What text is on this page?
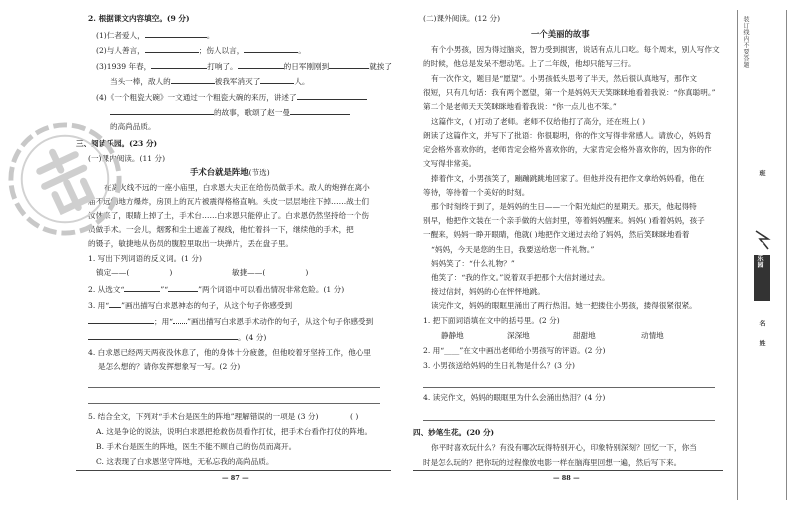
2. 根据课文内容填空。(9 分)
(1)仁者爱人，	。
(2)与人善言，	；伤人以言，	。
(3)1939 年春，	打响了。	的日军刚刚到	就挨了
当头一棒，敌人的	被我军消灭了	人。
(4)《一个粗瓷大碗》一文通过一个粗瓷大碗的来历，讲述了
的故事，歌颂了赵一曼
的高尚品质。
三、阅读乐园。(23 分)
(一)课内阅读。(11 分)
手术台就是阵地(节选)
在离火线不远的一座小庙里，白求恩大夫正在给伤员做手术。敌人的炮弹在离小
庙不远的地方爆炸，房顶上的瓦片被震得格格直响。头皮一层层地往下掉……战士们
汝体来了，眼睛上掉了土，手术台……白求恩只能停止了。白求恩仍然坚持给一个伤
员做手术。一会儿，烟雾和尘土遮盖了视线，他忙着抖一下，继续他的手术，把
的镊子，敏捷地从伤员的腹腔里取出一块弹片，丢在盘子里。
1. 写出下列词语的反义词。(1 分)
镇定——(	)	敏捷——(	)
2. 从选文“	”“	”两个词语中可以看出情况非常危险。(1 分)
3. 用“ ”画出描写白求恩神态的句子，从这个句子你感受到
；用“ ”画出描写白求恩手术动作的句子，从这个句子你感受到
。(4 分)
4. 白求恩已经两天两夜没休息了，他的身体十分疲惫，但他咬着牙坚持工作，他心里
是怎么想的？请你发挥想象写一写。(2 分)
5. 结合全文，下列对“手术台是医生的阵地”理解错误的一项是 (3 分)	( )
A. 这是争论的说法，说明白求恩把抢救伤员看作打仗，把手术台看作打仗的阵地。
B. 手术台是医生的阵地，医生不能不顾自己的伤员而离开。
C. 这表现了白求恩坚守阵地，无私忘我的高尚品质。
— 87 —
(二)课外阅读。(12 分)
一个美丽的故事
有个小男孩，因为得过脑炎，智力受到损害，说话有点儿口吃。每个周末，别人写作文
的时候，他总是发呆不想动笔。上了二年级，他却只能写三行。
有一次作文，题目是“愿望”。小男孩低头思考了半天，然后很认真地写，那作文
很短，只有几句话：我有两个愿望，第一个是妈妈天天笑眯眯地看着我说：“你真聪明。”
第二个是老师天天笑眯眯地看着我说：“你一点儿也不笨。”
这篇作文，( )打动了老师。老师不仅给他打了高分，还在班上( )
朗读了这篇作文，并写下了批语：你很聪明，你的作文写得非常感人。请放心，妈妈肯
定会格外喜欢你的，老师肯定会格外喜欢你的，大家肯定会格外喜欢你的，因为你的作
文写得非常美。
捧着作文，小男孩笑了，蹦蹦跳跳地回家了。但他并没有把作文拿给妈妈看，他在
等待，等待着一个美好的时刻。
那个时刻终于到了，是妈妈的生日——一个阳光灿烂的星期天。那天，他起得特
别早，他把作文装在一个亲手做的大信封里，等着妈妈醒来。妈妈( )看着妈妈，孩子
一醒来，妈妈一睁开眼睛，他就( )地把作文递过去给了妈妈，然后笑眯眯地看着
“妈妈，今天是您的生日，我要送给您一件礼物。”
妈妈笑了：“什么礼物？”
他笑了：“我的作文。”说着双手把那个大信封递过去。
接过信封，妈妈的心在怦怦地跳。
读完作文，妈妈的眼眶里涌出了两行热泪。她一把搂住小男孩，搂得很紧很紧。
1. 把下面词语填在文中的括号里。(2 分)
静静地	深深地	甜甜地	动情地
2. 用“____”在文中画出老师给小男孩写的评语。(2 分)
3. 小男孩送给妈妈的生日礼物是什么？(3 分)
4. 读完作文，妈妈的眼眶里为什么会涌出热泪？(4 分)
四、妙笔生花。(20 分)
你平时喜欢玩什么？有没有哪次玩得特别开心，印象特别深刻？回忆一下，你当
时是怎么玩的？把你玩的过程像放电影一样在脑海里回想一遍，然后写下来。
— 88 —
装订线内不要答题
班
学习乐园
名
姓
